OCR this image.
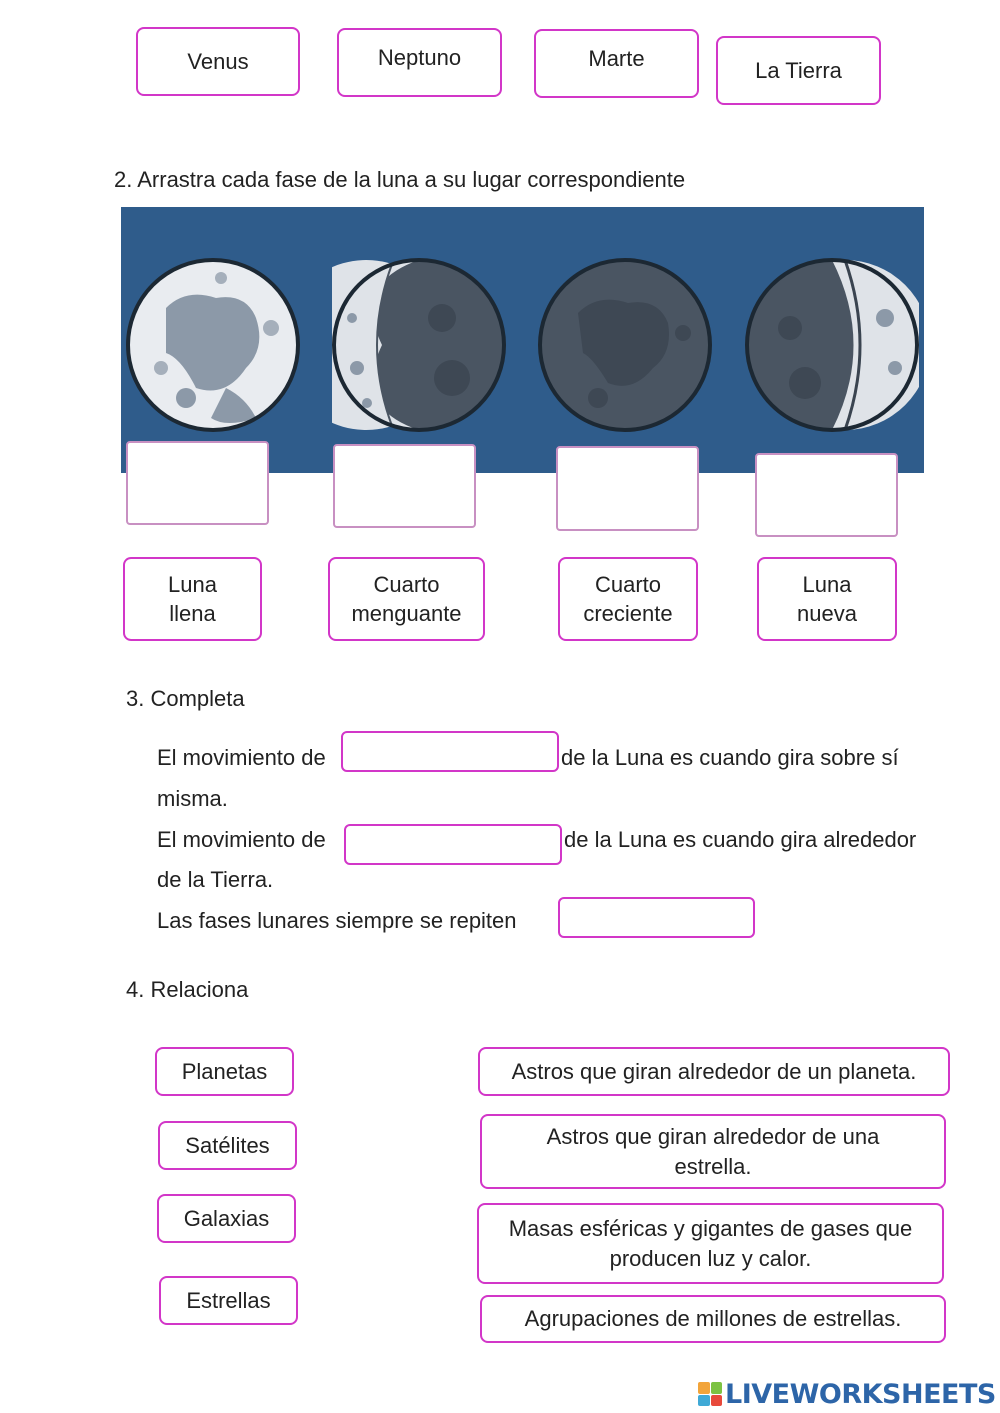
Venus	Neptuno	Marte	La Tierra
2. Arrastra cada fase de la luna a su lugar correspondiente
Luna
llena
Cuarto
menguante
Cuarto
creciente
Luna
nueva
3. Completa
El movimiento de	de la Luna es cuando gira sobre sí
misma.
El movimiento de	de la Luna es cuando gira alrededor
de la Tierra.
Las fases lunares siempre se repiten
4. Relaciona
Planetas
Satélites
Galaxias
Estrellas
Astros que giran alrededor de un planeta.
Astros que giran alrededor de una
estrella.
Masas esféricas y gigantes de gases que
producen luz y calor.
Agrupaciones de millones de estrellas.
LIVEWORKSHEETS
